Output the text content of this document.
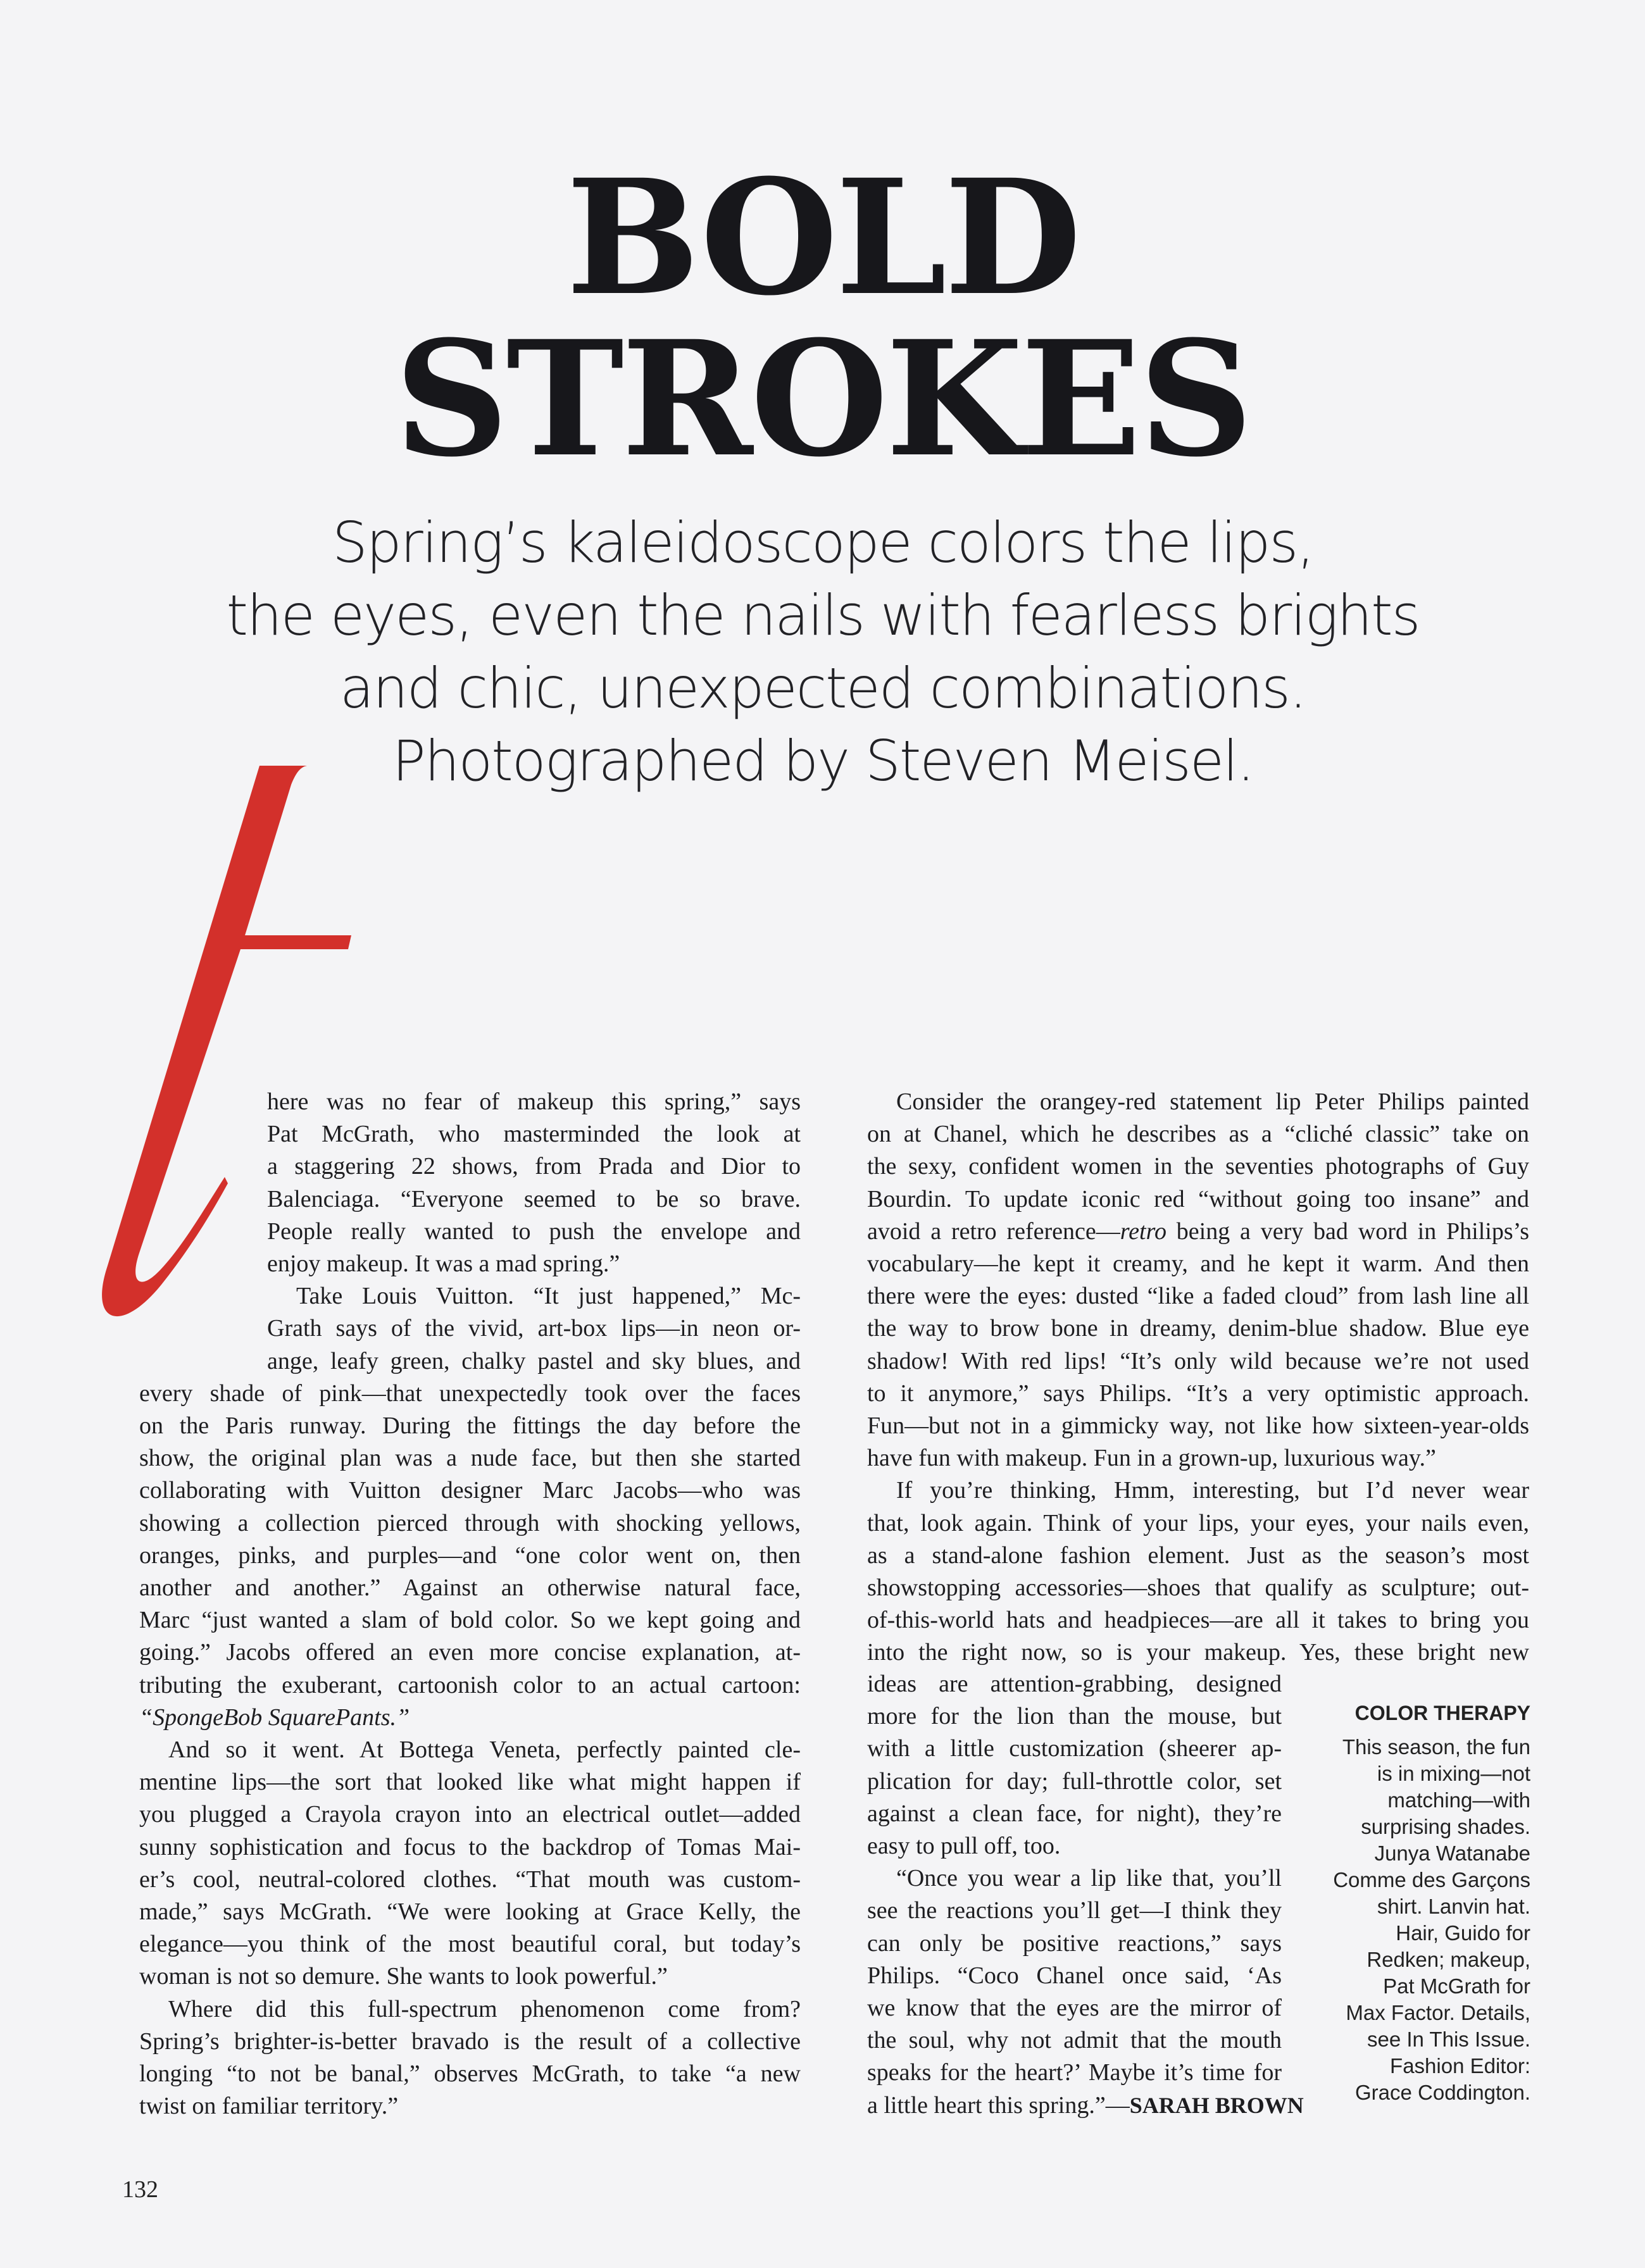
BOLD
STROKES
Spring’s kaleidoscope colors the lips,
the eyes, even the nails with fearless brights
and chic, unexpected combinations.
Photographed by Steven Meisel.

here was no fear of makeup this spring,” says
Pat McGrath, who masterminded the look at
a staggering 22 shows, from Prada and Dior to
Balenciaga. “Everyone seemed to be so brave.
People really wanted to push the envelope and
enjoy makeup. It was a mad spring.”
Take Louis Vuitton. “It just happened,” Mc-
Grath says of the vivid, art-box lips—in neon or-
ange, leafy green, chalky pastel and sky blues, and
every shade of pink—that unexpectedly took over the faces
on the Paris runway. During the fittings the day before the
show, the original plan was a nude face, but then she started
collaborating with Vuitton designer Marc Jacobs—who was
showing a collection pierced through with shocking yellows,
oranges, pinks, and purples—and “one color went on, then
another and another.” Against an otherwise natural face,
Marc “just wanted a slam of bold color. So we kept going and
going.” Jacobs offered an even more concise explanation, at-
tributing the exuberant, cartoonish color to an actual cartoon:
“SpongeBob SquarePants.”
And so it went. At Bottega Veneta, perfectly painted cle-
mentine lips—the sort that looked like what might happen if
you plugged a Crayola crayon into an electrical outlet—added
sunny sophistication and focus to the backdrop of Tomas Mai-
er’s cool, neutral-colored clothes. “That mouth was custom-
made,” says McGrath. “We were looking at Grace Kelly, the
elegance—you think of the most beautiful coral, but today’s
woman is not so demure. She wants to look powerful.”
Where did this full-spectrum phenomenon come from?
Spring’s brighter-is-better bravado is the result of a collective
longing “to not be banal,” observes McGrath, to take “a new
twist on familiar territory.”

Consider the orangey-red statement lip Peter Philips painted
on at Chanel, which he describes as a “cliché classic” take on
the sexy, confident women in the seventies photographs of Guy
Bourdin. To update iconic red “without going too insane” and
avoid a retro reference—retro being a very bad word in Philips’s
vocabulary—he kept it creamy, and he kept it warm. And then
there were the eyes: dusted “like a faded cloud” from lash line all
the way to brow bone in dreamy, denim-blue shadow. Blue eye
shadow! With red lips! “It’s only wild because we’re not used
to it anymore,” says Philips. “It’s a very optimistic approach.
Fun—but not in a gimmicky way, not like how sixteen-year-olds
have fun with makeup. Fun in a grown-up, luxurious way.”
If you’re thinking, Hmm, interesting, but I’d never wear
that, look again. Think of your lips, your eyes, your nails even,
as a stand-alone fashion element. Just as the season’s most
showstopping accessories—shoes that qualify as sculpture; out-
of-this-world hats and headpieces—are all it takes to bring you
into the right now, so is your makeup. Yes, these bright new

ideas are attention-grabbing, designed
more for the lion than the mouse, but
with a little customization (sheerer ap-
plication for day; full-throttle color, set
against a clean face, for night), they’re
easy to pull off, too.
“Once you wear a lip like that, you’ll
see the reactions you’ll get—I think they
can only be positive reactions,” says
Philips. “Coco Chanel once said, ‘As
we know that the eyes are the mirror of
the soul, why not admit that the mouth
speaks for the heart?’ Maybe it’s time for
a little heart this spring.”—SARAH BROWN

COLOR THERAPY
This season, the fun
is in mixing—not
matching—with
surprising shades.
Junya Watanabe
Comme des Garçons
shirt. Lanvin hat.
Hair, Guido for
Redken; makeup,
Pat McGrath for
Max Factor. Details,
see In This Issue.
Fashion Editor:
Grace Coddington.
132
